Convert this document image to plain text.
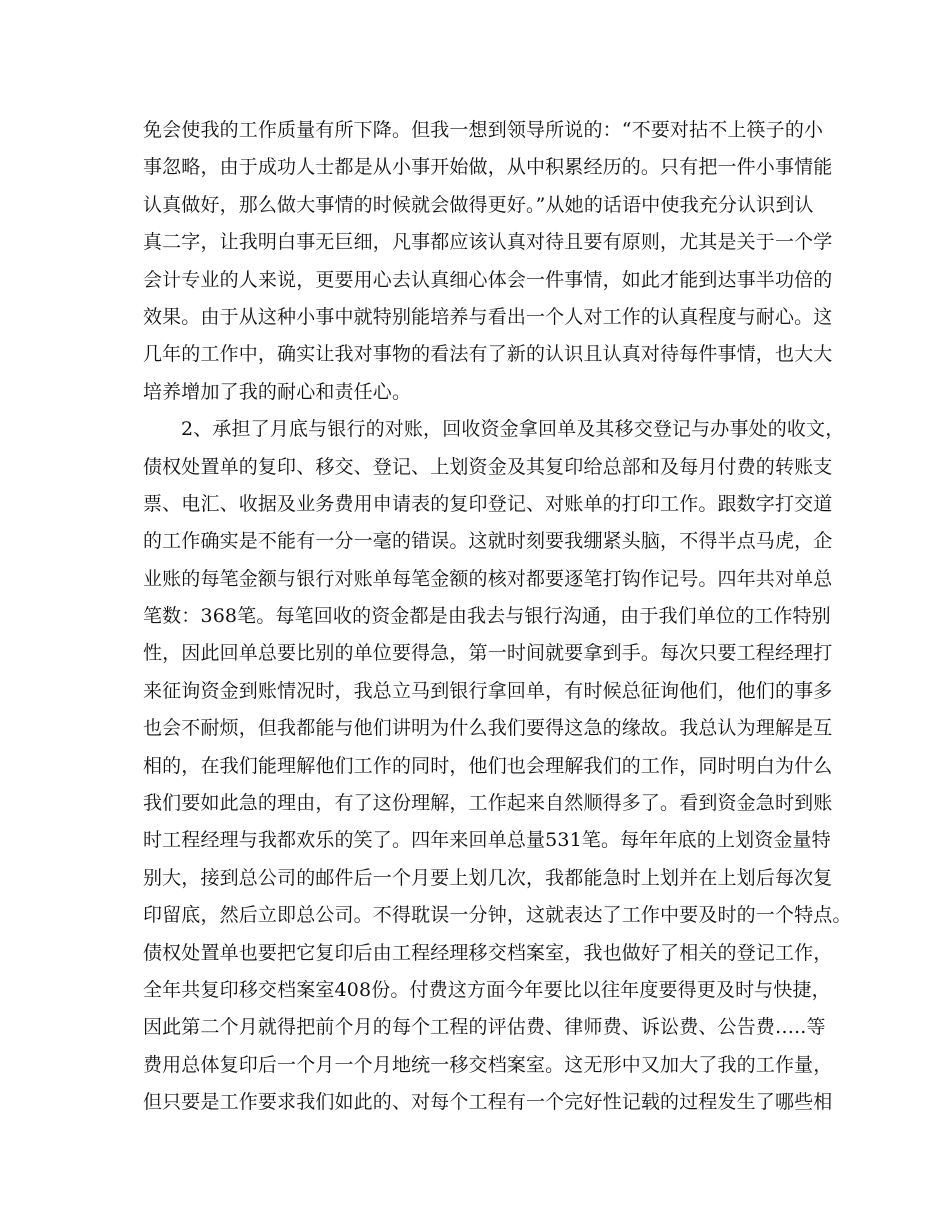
免会使我的工作质量有所下降。但我一想到领导所说的：“不要对拈不上筷子的小
事忽略，由于成功人士都是从小事开始做，从中积累经历的。只有把一件小事情能
认真做好，那么做大事情的时候就会做得更好。”从她的话语中使我充分认识到认
真二字，让我明白事无巨细，凡事都应该认真对待且要有原则，尤其是关于一个学
会计专业的人来说，更要用心去认真细心体会一件事情，如此才能到达事半功倍的
效果。由于从这种小事中就特别能培养与看出一个人对工作的认真程度与耐心。这
几年的工作中，确实让我对事物的看法有了新的认识且认真对待每件事情，也大大
培养增加了我的耐心和责任心。
2、承担了月底与银行的对账，回收资金拿回单及其移交登记与办事处的收文，
债权处置单的复印、移交、登记、上划资金及其复印给总部和及每月付费的转账支
票、电汇、收据及业务费用申请表的复印登记、对账单的打印工作。跟数字打交道
的工作确实是不能有一分一毫的错误。这就时刻要我绷紧头脑，不得半点马虎，企
业账的每笔金额与银行对账单每笔金额的核对都要逐笔打钩作记号。四年共对单总
笔数：368笔。每笔回收的资金都是由我去与银行沟通，由于我们单位的工作特别
性，因此回单总要比别的单位要得急，第一时间就要拿到手。每次只要工程经理打
来征询资金到账情况时，我总立马到银行拿回单，有时候总征询他们，他们的事多
也会不耐烦，但我都能与他们讲明为什么我们要得这急的缘故。我总认为理解是互
相的，在我们能理解他们工作的同时，他们也会理解我们的工作，同时明白为什么
我们要如此急的理由，有了这份理解，工作起来自然顺得多了。看到资金急时到账
时工程经理与我都欢乐的笑了。四年来回单总量531笔。每年年底的上划资金量特
别大，接到总公司的邮件后一个月要上划几次，我都能急时上划并在上划后每次复
印留底，然后立即总公司。不得耽误一分钟，这就表达了工作中要及时的一个特点。
债权处置单也要把它复印后由工程经理移交档案室，我也做好了相关的登记工作，
全年共复印移交档案室408份。付费这方面今年要比以往年度要得更及时与快捷，
因此第二个月就得把前个月的每个工程的评估费、律师费、诉讼费、公告费…..等
费用总体复印后一个月一个月地统一移交档案室。这无形中又加大了我的工作量，
但只要是工作要求我们如此的、对每个工程有一个完好性记载的过程发生了哪些相
